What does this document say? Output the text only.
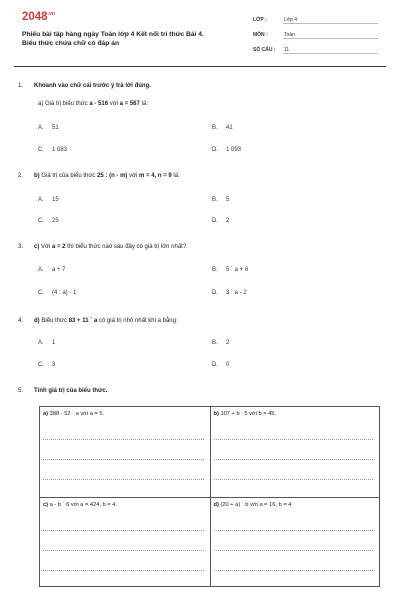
$2048^{.vn}$
Phiếu bài tập hàng ngày Toán lớp 4 Kết nối tri thức Bài 4.
Biểu thức chứa chữ có đáp án
LỚP :	Lớp 4
MÔN :	Toán
SỐ CÂU : 11
1. Khoanh vào chữ cái trước ý trả lời đúng.
a) Giá trị biểu thức a - 516 với a = 567 là:
A. 51	B. 41
C. 1 083	D. 1 093
2. b) Giá trị của biểu thức 25 : (n - m) với m = 4, n = 9 là:
A. 15	B. 5
C. 25	D. 2
3. c) Với a = 2 thì biểu thức nào sau đây có giá trị lớn nhất?
A. a + 7	B. 5 ´ a + 6
C. (4 : a) - 1	D. 3 ´ a - 2
4. d) Biểu thức 83 + 11 ´ a có giá trị nhỏ nhất khi a bằng:
A. 1	B. 2
C. 3	D. 0
5. Tính giá trị của biểu thức.
a) 388 - 52 ´ a với a = 5.	b) 107 + b : 5 với b = 45.
c) a - b ´ 6 với a = 424, b = 4.	d) (20 + a) ´ b với a = 16, b = 4
